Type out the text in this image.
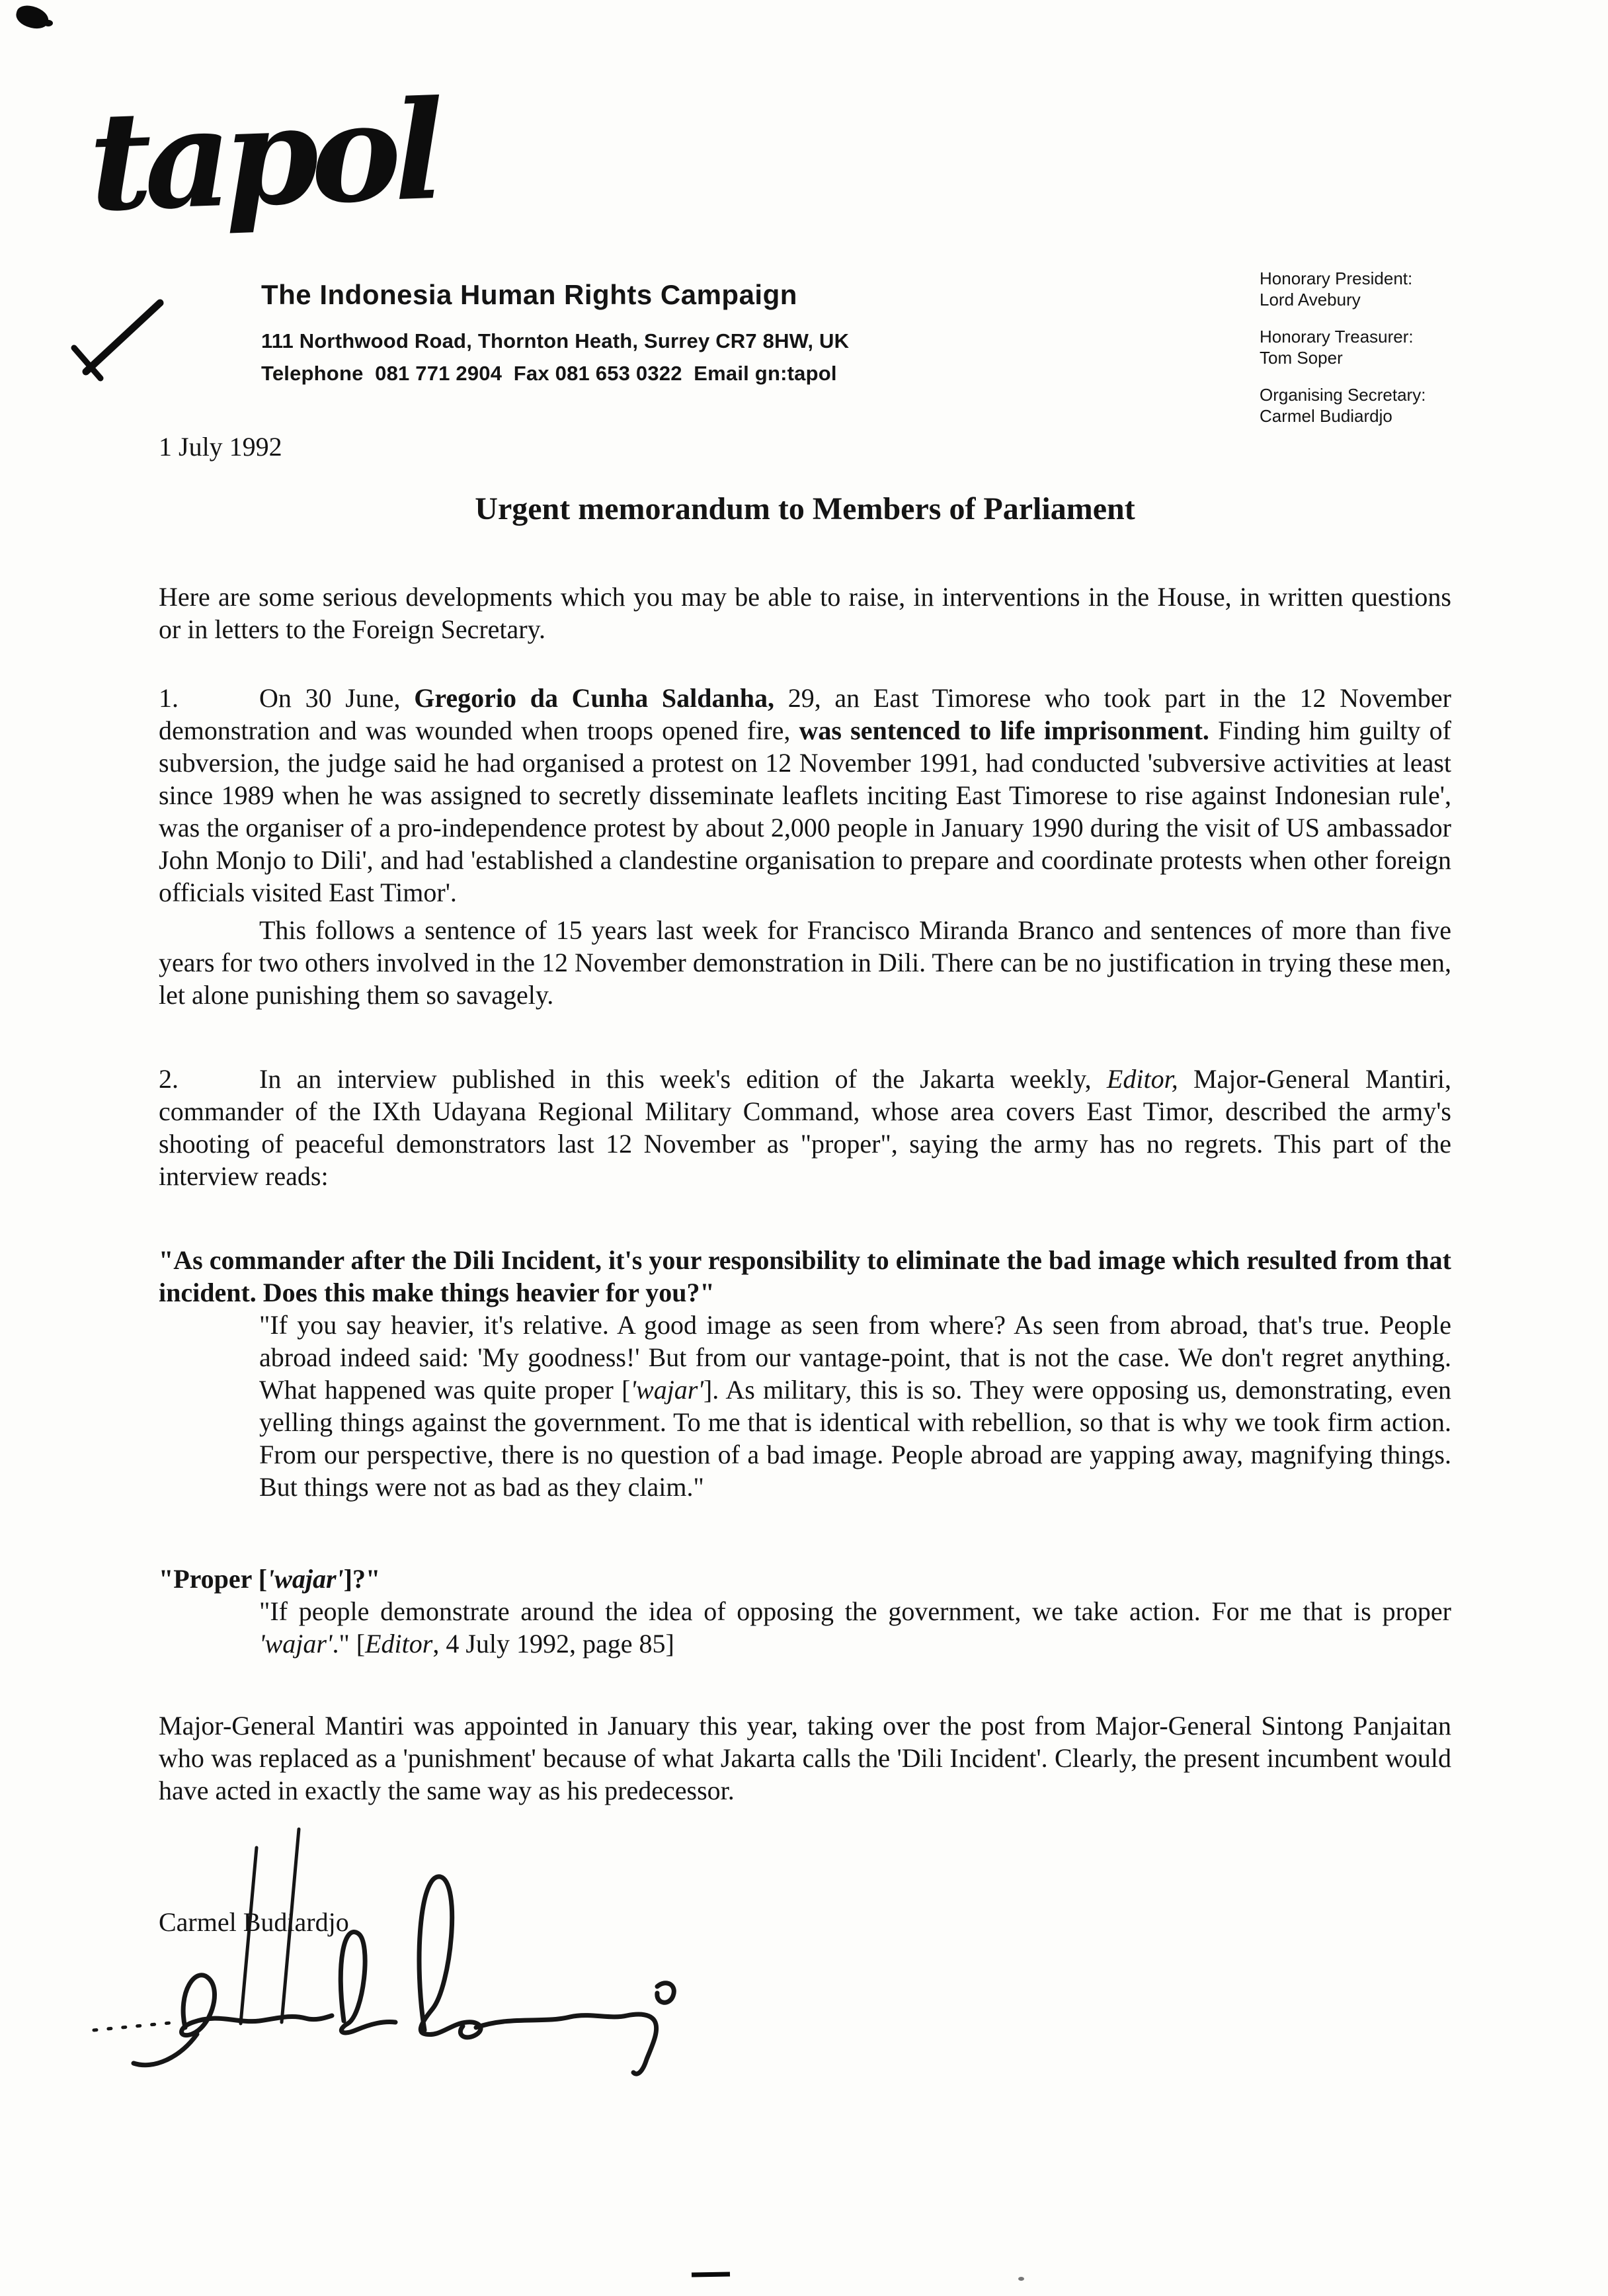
tapol
The Indonesia Human Rights Campaign
111 Northwood Road, Thornton Heath, Surrey CR7 8HW, UK
Telephone  081 771 2904  Fax 081 653 0322  Email gn:tapol
Honorary President:
Lord Avebury
Honorary Treasurer:
Tom Soper
Organising Secretary:
Carmel Budiardjo
1 July 1992
Urgent memorandum to Members of Parliament

Here are some serious developments which you may be able to raise, in interventions in the House, in written questions or in letters to the Foreign Secretary.

1.	On 30 June, Gregorio da Cunha Saldanha, 29, an East Timorese who took part in the 12 November demonstration and was wounded when troops opened fire, was sentenced to life imprisonment. Finding him guilty of subversion, the judge said he had organised a protest on 12 November 1991, had conducted 'subversive activities at least since 1989 when he was assigned to secretly disseminate leaflets inciting East Timorese to rise against Indonesian rule', was the organiser of a pro-independence protest by about 2,000 people in January 1990 during the visit of US ambassador John Monjo to Dili', and had 'established a clandestine organisation to prepare and coordinate protests when other foreign officials visited East Timor'.

This follows a sentence of 15 years last week for Francisco Miranda Branco and sentences of more than five years for two others involved in the 12 November demonstration in Dili. There can be no justification in trying these men, let alone punishing them so savagely.

2.	In an interview published in this week's edition of the Jakarta weekly, Editor, Major-General Mantiri, commander of the IXth Udayana Regional Military Command, whose area covers East Timor, described the army's shooting of peaceful demonstrators last 12 November as "proper", saying the army has no regrets. This part of the interview reads:

"As commander after the Dili Incident, it's your responsibility to eliminate the bad image which resulted from that incident. Does this make things heavier for you?"

"If you say heavier, it's relative. A good image as seen from where? As seen from abroad, that's true. People abroad indeed said: 'My goodness!' But from our vantage-point, that is not the case. We don't regret anything. What happened was quite proper ['wajar']. As military, this is so. They were opposing us, demonstrating, even yelling things against the government. To me that is identical with rebellion, so that is why we took firm action. From our perspective, there is no question of a bad image. People abroad are yapping away, magnifying things. But things were not as bad as they claim."

"Proper ['wajar']?"

"If people demonstrate around the idea of opposing the government, we take action. For me that is proper 'wajar'." [Editor, 4 July 1992, page 85]

Major-General Mantiri was appointed in January this year, taking over the post from Major-General Sintong Panjaitan who was replaced as a 'punishment' because of what Jakarta calls the 'Dili Incident'. Clearly, the present incumbent would have acted in exactly the same way as his predecessor.

Carmel Budiardjo
